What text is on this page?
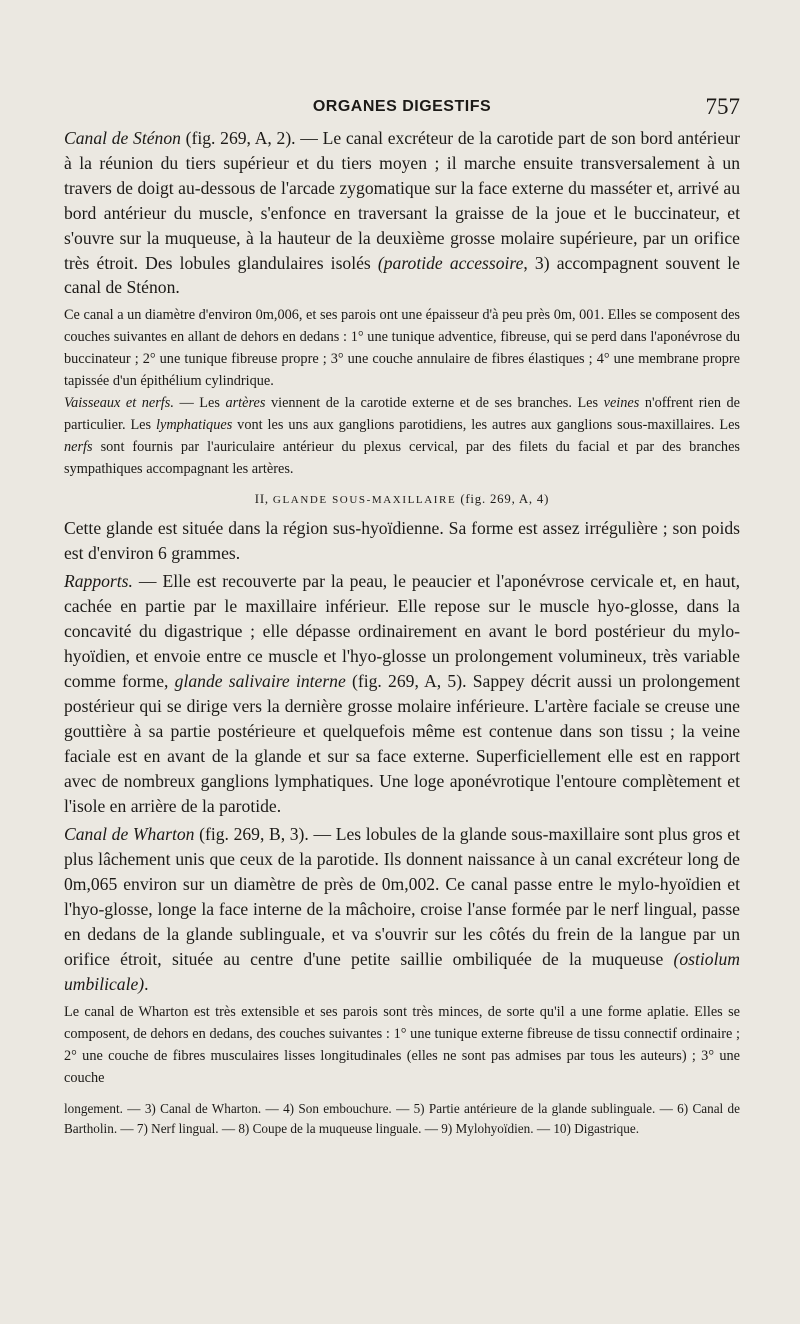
ORGANES DIGESTIFS	757

Canal de Sténon (fig. 269, A, 2). — Le canal excréteur de la carotide part de son bord antérieur à la réunion du tiers supérieur et du tiers moyen ; il marche ensuite transversalement à un travers de doigt au-dessous de l'arcade zygomatique sur la face externe du masséter et, arrivé au bord antérieur du muscle, s'enfonce en traversant la graisse de la joue et le buccinateur, et s'ouvre sur la muqueuse, à la hauteur de la deuxième grosse molaire supérieure, par un orifice très étroit. Des lobules glandulaires isolés (parotide accessoire, 3) accompagnent souvent le canal de Sténon.

Ce canal a un diamètre d'environ 0m,006, et ses parois ont une épaisseur d'à peu près 0m, 001. Elles se composent des couches suivantes en allant de dehors en dedans : 1° une tunique adventice, fibreuse, qui se perd dans l'aponévrose du buccinateur ; 2° une tunique fibreuse propre ; 3° une couche annulaire de fibres élastiques ; 4° une membrane propre tapissée d'un épithélium cylindrique.

Vaisseaux et nerfs. — Les artères viennent de la carotide externe et de ses branches. Les veines n'offrent rien de particulier. Les lymphatiques vont les uns aux ganglions parotidiens, les autres aux ganglions sous-maxillaires. Les nerfs sont fournis par l'auriculaire antérieur du plexus cervical, par des filets du facial et par des branches sympathiques accompagnant les artères.

II, GLANDE SOUS-MAXILLAIRE (fig. 269, A, 4)

Cette glande est située dans la région sus-hyoïdienne. Sa forme est assez irrégulière ; son poids est d'environ 6 grammes.

Rapports. — Elle est recouverte par la peau, le peaucier et l'aponévrose cervicale et, en haut, cachée en partie par le maxillaire inférieur. Elle repose sur le muscle hyo-glosse, dans la concavité du digastrique ; elle dépasse ordinairement en avant le bord postérieur du mylo-hyoïdien, et envoie entre ce muscle et l'hyo-glosse un prolongement volumineux, très variable comme forme, glande salivaire interne (fig. 269, A, 5). Sappey décrit aussi un prolongement postérieur qui se dirige vers la dernière grosse molaire inférieure. L'artère faciale se creuse une gouttière à sa partie postérieure et quelquefois même est contenue dans son tissu ; la veine faciale est en avant de la glande et sur sa face externe. Superficiellement elle est en rapport avec de nombreux ganglions lymphatiques. Une loge aponévrotique l'entoure complètement et l'isole en arrière de la parotide.

Canal de Wharton (fig. 269, B, 3). — Les lobules de la glande sous-maxillaire sont plus gros et plus lâchement unis que ceux de la parotide. Ils donnent naissance à un canal excréteur long de 0m,065 environ sur un diamètre de près de 0m,002. Ce canal passe entre le mylo-hyoïdien et l'hyo-glosse, longe la face interne de la mâchoire, croise l'anse formée par le nerf lingual, passe en dedans de la glande sublinguale, et va s'ouvrir sur les côtés du frein de la langue par un orifice étroit, située au centre d'une petite saillie ombiliquée de la muqueuse (ostiolum umbilicale).

Le canal de Wharton est très extensible et ses parois sont très minces, de sorte qu'il a une forme aplatie. Elles se composent, de dehors en dedans, des couches suivantes : 1° une tunique externe fibreuse de tissu connectif ordinaire ; 2° une couche de fibres musculaires lisses longitudinales (elles ne sont pas admises par tous les auteurs) ; 3° une couche

longement. — 3) Canal de Wharton. — 4) Son embouchure. — 5) Partie antérieure de la glande sublinguale. — 6) Canal de Bartholin. — 7) Nerf lingual. — 8) Coupe de la muqueuse linguale. — 9) Mylohyoïdien. — 10) Digastrique.
